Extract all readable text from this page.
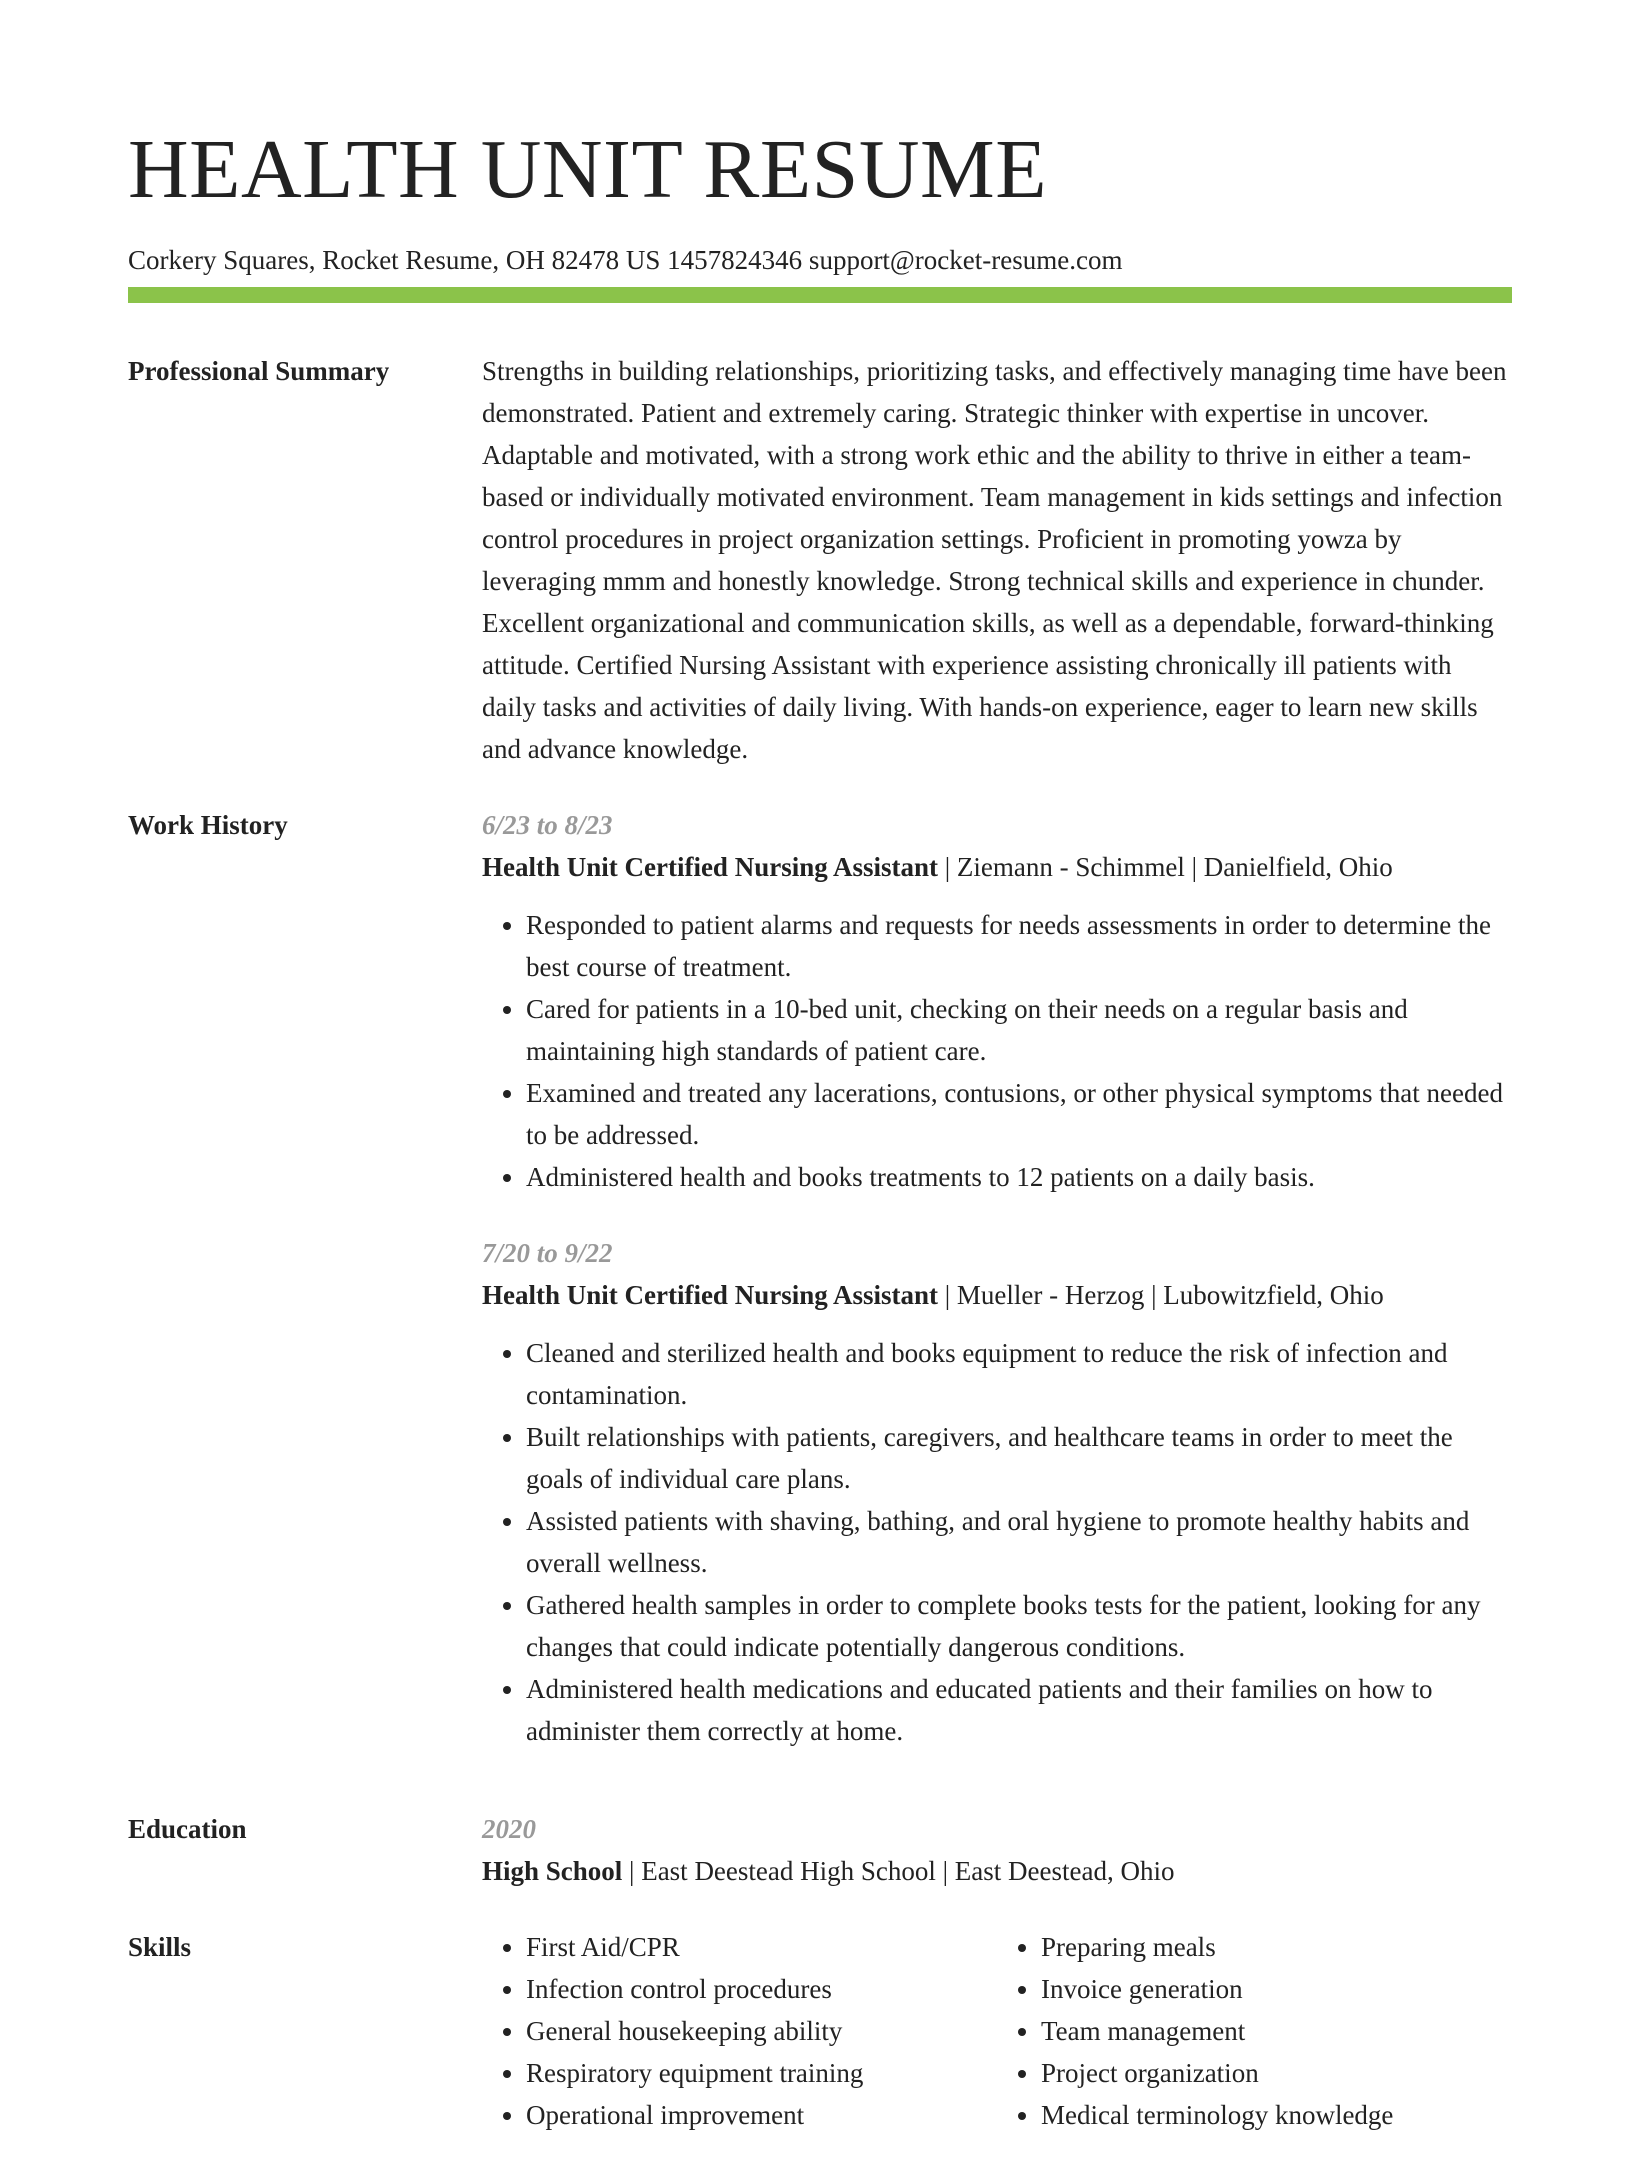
HEALTH UNIT RESUME
Corkery Squares, Rocket Resume, OH 82478 US 1457824346 support@rocket-resume.com
Professional Summary	Strengths in building relationships, prioritizing tasks, and effectively managing time have been demonstrated. Patient and extremely caring. Strategic thinker with expertise in uncover. Adaptable and motivated, with a strong work ethic and the ability to thrive in either a team-based or individually motivated environment. Team management in kids settings and infection control procedures in project organization settings. Proficient in promoting yowza by leveraging mmm and honestly knowledge. Strong technical skills and experience in chunder. Excellent organizational and communication skills, as well as a dependable, forward-thinking attitude. Certified Nursing Assistant with experience assisting chronically ill patients with daily tasks and activities of daily living. With hands-on experience, eager to learn new skills and advance knowledge.

Work History	6/23 to 8/23
Health Unit Certified Nursing Assistant | Ziemann - Schimmel | Danielfield, Ohio
• Responded to patient alarms and requests for needs assessments in order to determine the best course of treatment.
• Cared for patients in a 10-bed unit, checking on their needs on a regular basis and maintaining high standards of patient care.
• Examined and treated any lacerations, contusions, or other physical symptoms that needed to be addressed.
• Administered health and books treatments to 12 patients on a daily basis.
7/20 to 9/22
Health Unit Certified Nursing Assistant | Mueller - Herzog | Lubowitzfield, Ohio
• Cleaned and sterilized health and books equipment to reduce the risk of infection and contamination.
• Built relationships with patients, caregivers, and healthcare teams in order to meet the goals of individual care plans.
• Assisted patients with shaving, bathing, and oral hygiene to promote healthy habits and overall wellness.
• Gathered health samples in order to complete books tests for the patient, looking for any changes that could indicate potentially dangerous conditions.
• Administered health medications and educated patients and their families on how to administer them correctly at home.
Education	2020
High School | East Deestead High School | East Deestead, Ohio
Skills
•	First Aid/CPR
• Infection control procedures
• General housekeeping ability
• Respiratory equipment training
• Operational improvement
• Preparing meals
• Invoice generation
• Team management
• Project organization
• Medical terminology knowledge
